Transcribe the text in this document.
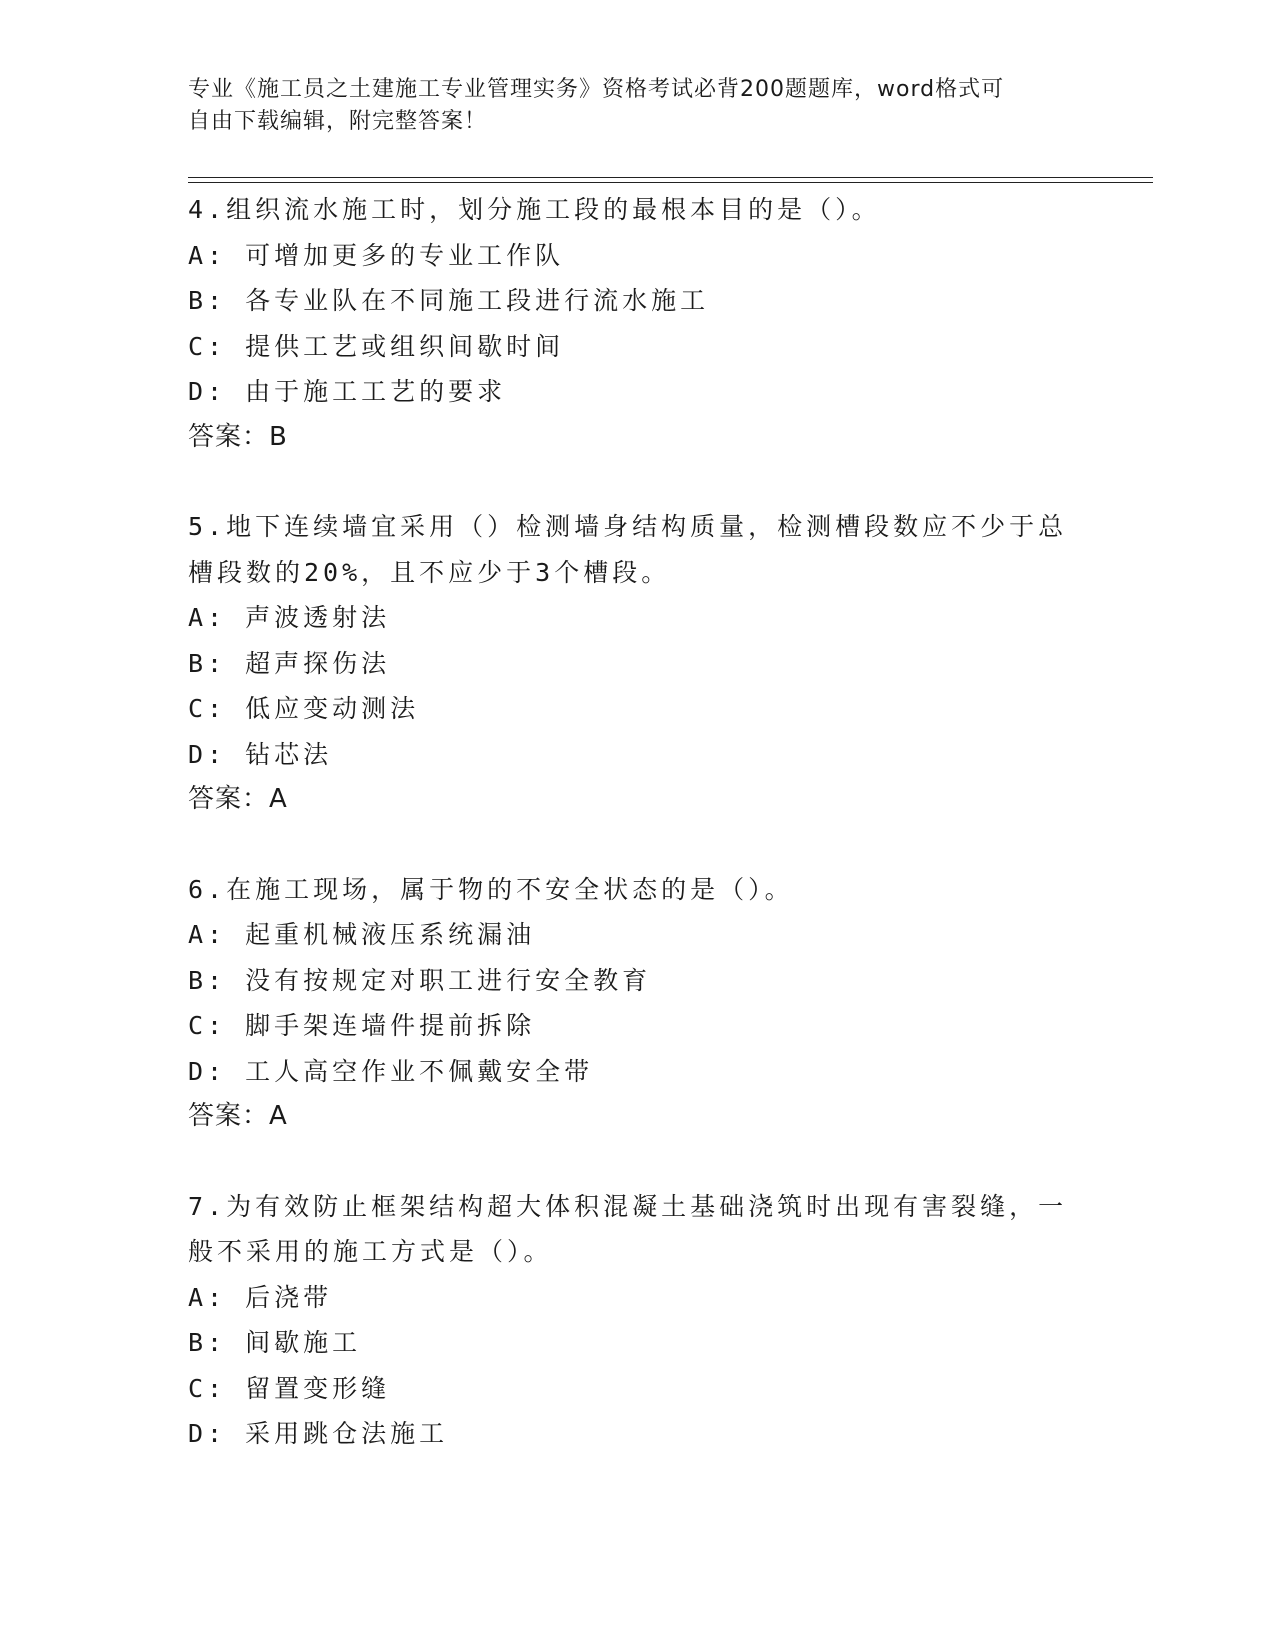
专业《施工员之土建施工专业管理实务》资格考试必背200题题库，word格式可
自由下载编辑，附完整答案！
4.组织流水施工时，划分施工段的最根本目的是（）。
A: 可增加更多的专业工作队
B: 各专业队在不同施工段进行流水施工
C: 提供工艺或组织间歇时间
D: 由于施工工艺的要求
答案：B
5.地下连续墙宜采用（）检测墙身结构质量，检测槽段数应不少于总
槽段数的20%，且不应少于3个槽段。
A: 声波透射法
B: 超声探伤法
C: 低应变动测法
D: 钻芯法
答案：A
6.在施工现场，属于物的不安全状态的是（）。
A: 起重机械液压系统漏油
B: 没有按规定对职工进行安全教育
C: 脚手架连墙件提前拆除
D: 工人高空作业不佩戴安全带
答案：A
7.为有效防止框架结构超大体积混凝土基础浇筑时出现有害裂缝，一
般不采用的施工方式是（）。
A: 后浇带
B: 间歇施工
C: 留置变形缝
D: 采用跳仓法施工
